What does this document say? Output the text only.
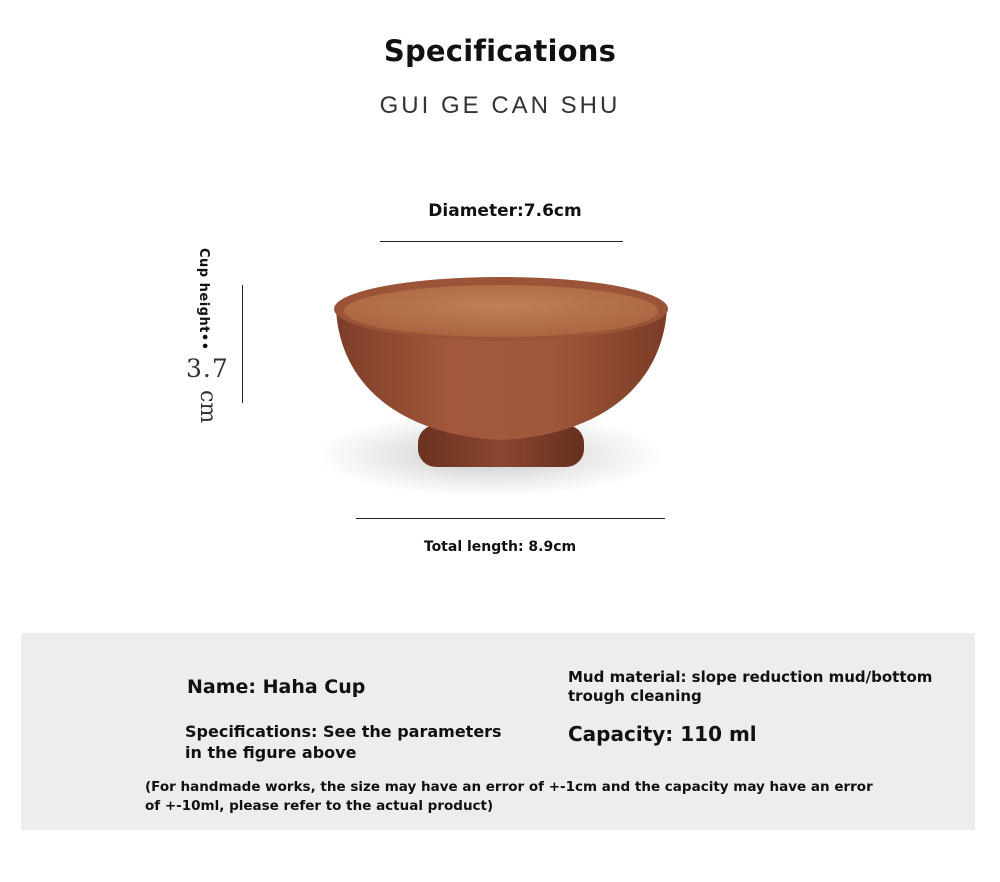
Specifications
GUI GE CAN SHU
Diameter:7.6cm
Cup height••
3.7
cm
Total length: 8.9cm
Name: Haha Cup
Specifications: See the parameters in the figure above
Mud material: slope reduction mud/bottom trough cleaning
Capacity: 110 ml
(For handmade works, the size may have an error of +-1cm and the capacity may have an error of +-10ml, please refer to the actual product)
